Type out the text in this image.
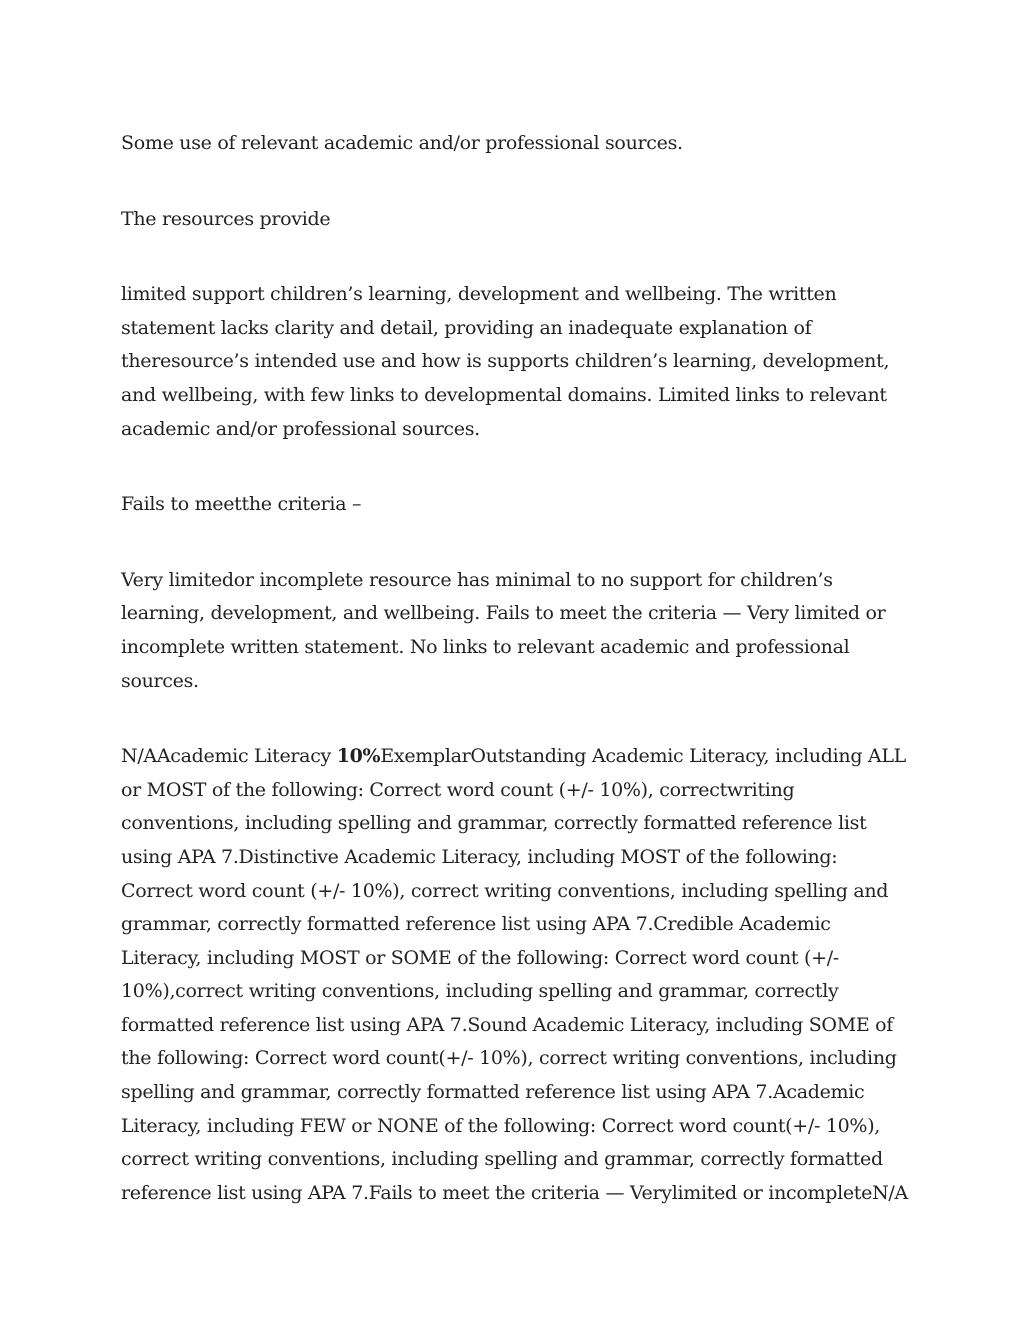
Some use of relevant academic and/or professional sources.

The resources provide

limited support children’s learning, development and wellbeing. The written statement lacks clarity and detail, providing an inadequate explanation of theresource’s intended use and how is supports children’s learning, development, and wellbeing, with few links to developmental domains. Limited links to relevant academic and/or professional sources.

Fails to meetthe criteria –

Very limitedor incomplete resource has minimal to no support for children’s learning, development, and wellbeing. Fails to meet the criteria — Very limited or incomplete written statement. No links to relevant academic and professional sources.

N/AAcademic Literacy 10%ExemplarOutstanding Academic Literacy, including ALL or MOST of the following: Correct word count (+/- 10%), correctwriting conventions, including spelling and grammar, correctly formatted reference list using APA 7.Distinctive Academic Literacy, including MOST of the following: Correct word count (+/- 10%), correct writing conventions, including spelling and grammar, correctly formatted reference list using APA 7.Credible Academic Literacy, including MOST or SOME of the following: Correct word count (+/- 10%),correct writing conventions, including spelling and grammar, correctly formatted reference list using APA 7.Sound Academic Literacy, including SOME of the following: Correct word count(+/- 10%), correct writing conventions, including spelling and grammar, correctly formatted reference list using APA 7.Academic Literacy, including FEW or NONE of the following: Correct word count(+/- 10%), correct writing conventions, including spelling and grammar, correctly formatted reference list using APA 7.Fails to meet the criteria — Verylimited or incompleteN/A
